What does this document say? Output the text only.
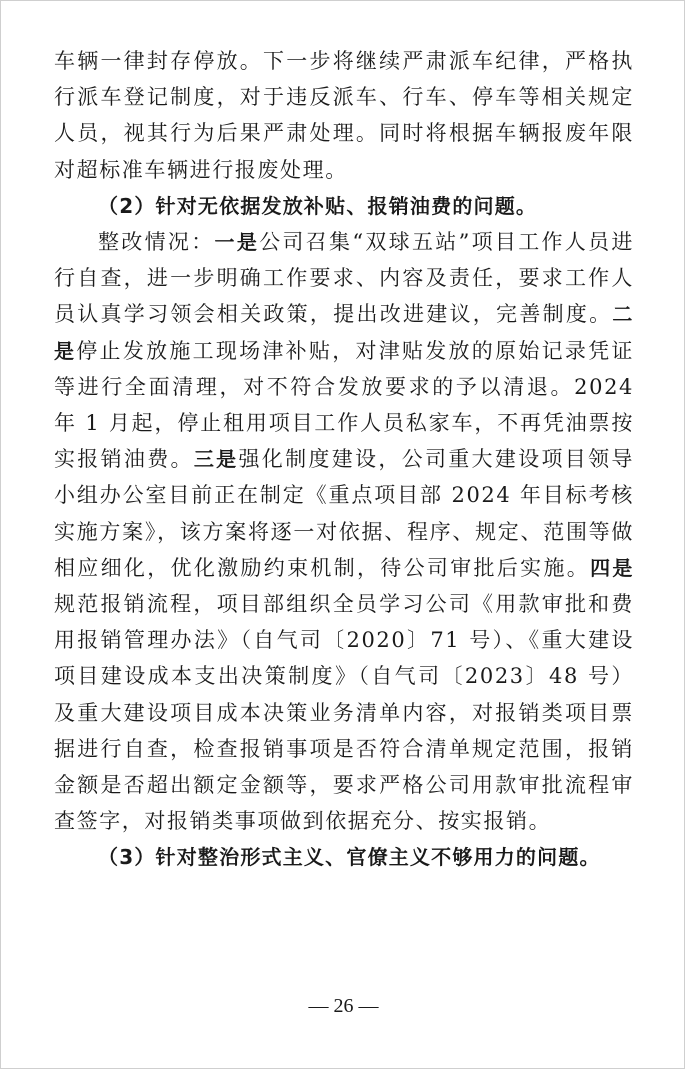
车辆一律封存停放。下一步将继续严肃派车纪律，严格执行派车登记制度，对于违反派车、行车、停车等相关规定人员，视其行为后果严肃处理。同时将根据车辆报废年限对超标准车辆进行报废处理。

（2）针对无依据发放补贴、报销油费的问题。

整改情况：一是公司召集“双球五站”项目工作人员进行自查，进一步明确工作要求、内容及责任，要求工作人员认真学习领会相关政策，提出改进建议，完善制度。二是停止发放施工现场津补贴，对津贴发放的原始记录凭证等进行全面清理，对不符合发放要求的予以清退。2024 年 1 月起，停止租用项目工作人员私家车，不再凭油票按实报销油费。三是强化制度建设，公司重大建设项目领导小组办公室目前正在制定《重点项目部 2024 年目标考核实施方案》，该方案将逐一对依据、程序、规定、范围等做相应细化，优化激励约束机制，待公司审批后实施。四是规范报销流程，项目部组织全员学习公司《用款审批和费用报销管理办法》（自气司〔2020〕71 号）、《重大建设项目建设成本支出决策制度》（自气司〔2023〕48 号）及重大建设项目成本决策业务清单内容，对报销类项目票据进行自查，检查报销事项是否符合清单规定范围，报销金额是否超出额定金额等，要求严格公司用款审批流程审查签字，对报销类事项做到依据充分、按实报销。

（3）针对整治形式主义、官僚主义不够用力的问题。

— 26 —
